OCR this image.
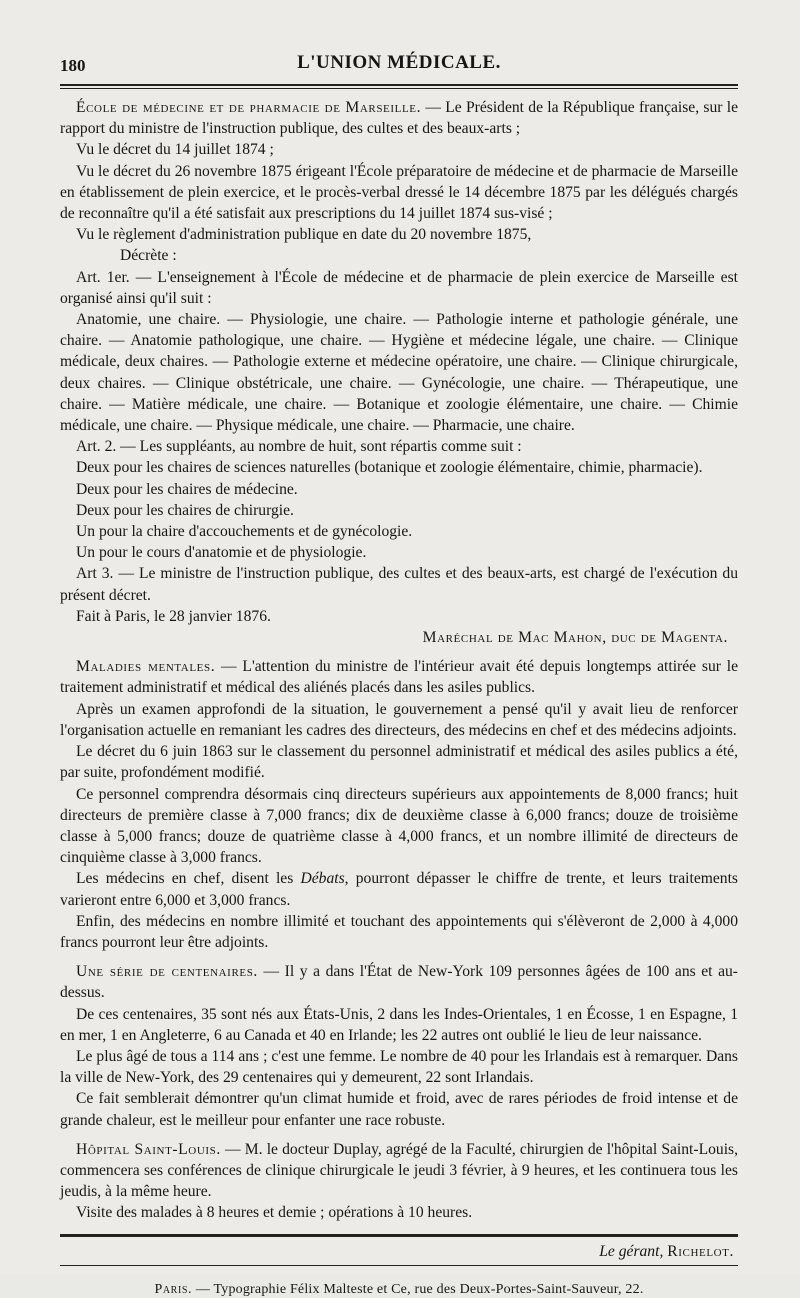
180	L'UNION MÉDICALE.

École de médecine et de pharmacie de Marseille. — Le Président de la République française, sur le rapport du ministre de l'instruction publique, des cultes et des beaux-arts ;

Vu le décret du 14 juillet 1874 ;

Vu le décret du 26 novembre 1875 érigeant l'École préparatoire de médecine et de pharmacie de Marseille en établissement de plein exercice, et le procès-verbal dressé le 14 décembre 1875 par les délégués chargés de reconnaître qu'il a été satisfait aux prescriptions du 14 juillet 1874 sus-visé ;

Vu le règlement d'administration publique en date du 20 novembre 1875,

Décrète :

Art. 1er. — L'enseignement à l'École de médecine et de pharmacie de plein exercice de Marseille est organisé ainsi qu'il suit :

Anatomie, une chaire. — Physiologie, une chaire. — Pathologie interne et pathologie générale, une chaire. — Anatomie pathologique, une chaire. — Hygiène et médecine légale, une chaire. — Clinique médicale, deux chaires. — Pathologie externe et médecine opératoire, une chaire. — Clinique chirurgicale, deux chaires. — Clinique obstétricale, une chaire. — Gynécologie, une chaire. — Thérapeutique, une chaire. — Matière médicale, une chaire. — Botanique et zoologie élémentaire, une chaire. — Chimie médicale, une chaire. — Physique médicale, une chaire. — Pharmacie, une chaire.

Art. 2. — Les suppléants, au nombre de huit, sont répartis comme suit :

Deux pour les chaires de sciences naturelles (botanique et zoologie élémentaire, chimie, pharmacie).

Deux pour les chaires de médecine.

Deux pour les chaires de chirurgie.

Un pour la chaire d'accouchements et de gynécologie.

Un pour le cours d'anatomie et de physiologie.

Art 3. — Le ministre de l'instruction publique, des cultes et des beaux-arts, est chargé de l'exécution du présent décret.

Fait à Paris, le 28 janvier 1876.

Maréchal de Mac Mahon, duc de Magenta.

Maladies mentales. — L'attention du ministre de l'intérieur avait été depuis longtemps attirée sur le traitement administratif et médical des aliénés placés dans les asiles publics.

Après un examen approfondi de la situation, le gouvernement a pensé qu'il y avait lieu de renforcer l'organisation actuelle en remaniant les cadres des directeurs, des médecins en chef et des médecins adjoints.

Le décret du 6 juin 1863 sur le classement du personnel administratif et médical des asiles publics a été, par suite, profondément modifié.

Ce personnel comprendra désormais cinq directeurs supérieurs aux appointements de 8,000 francs; huit directeurs de première classe à 7,000 francs; dix de deuxième classe à 6,000 francs; douze de troisième classe à 5,000 francs; douze de quatrième classe à 4,000 francs, et un nombre illimité de directeurs de cinquième classe à 3,000 francs.

Les médecins en chef, disent les Débats, pourront dépasser le chiffre de trente, et leurs traitements varieront entre 6,000 et 3,000 francs.

Enfin, des médecins en nombre illimité et touchant des appointements qui s'élèveront de 2,000 à 4,000 francs pourront leur être adjoints.

Une série de centenaires. — Il y a dans l'État de New-York 109 personnes âgées de 100 ans et au-dessus.

De ces centenaires, 35 sont nés aux États-Unis, 2 dans les Indes-Orientales, 1 en Écosse, 1 en Espagne, 1 en mer, 1 en Angleterre, 6 au Canada et 40 en Irlande; les 22 autres ont oublié le lieu de leur naissance.

Le plus âgé de tous a 114 ans ; c'est une femme. Le nombre de 40 pour les Irlandais est à remarquer. Dans la ville de New-York, des 29 centenaires qui y demeurent, 22 sont Irlandais.

Ce fait semblerait démontrer qu'un climat humide et froid, avec de rares périodes de froid intense et de grande chaleur, est le meilleur pour enfanter une race robuste.

Hôpital Saint-Louis. — M. le docteur Duplay, agrégé de la Faculté, chirurgien de l'hôpital Saint-Louis, commencera ses conférences de clinique chirurgicale le jeudi 3 février, à 9 heures, et les continuera tous les jeudis, à la même heure.

Visite des malades à 8 heures et demie ; opérations à 10 heures.

Le gérant, Richelot.
Paris. — Typographie Félix Malteste et Ce, rue des Deux-Portes-Saint-Sauveur, 22.
